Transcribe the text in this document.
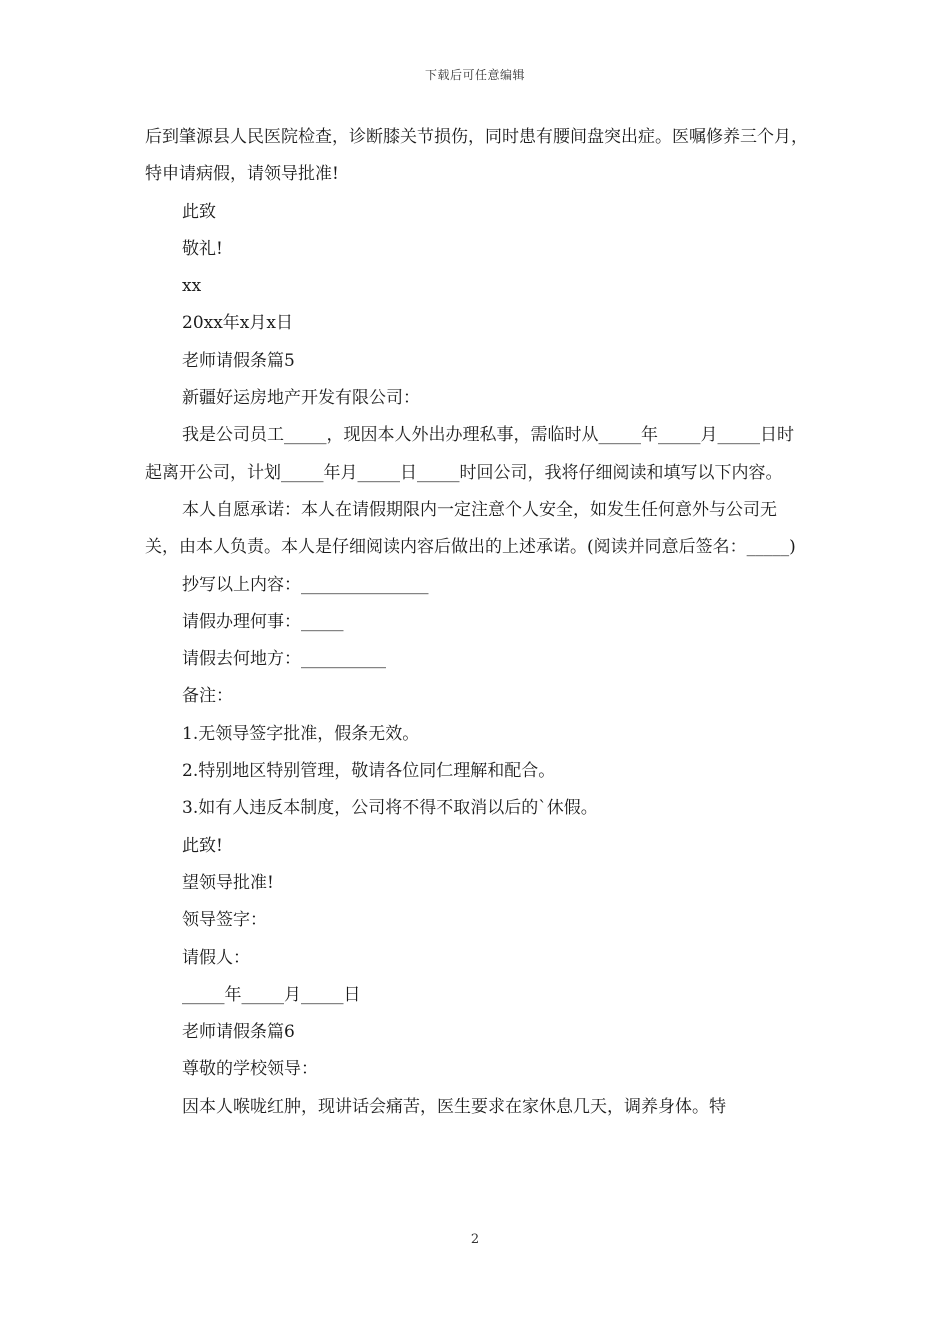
下载后可任意编辑

后到肇源县人民医院检查，诊断膝关节损伤，同时患有腰间盘突出症。医嘱修养三个月，特申请病假，请领导批准!

此致

敬礼!

xx

20xx年x月x日

老师请假条篇5

新疆好运房地产开发有限公司：

我是公司员工_____，现因本人外出办理私事，需临时从_____年_____月_____日时起离开公司，计划_____年月_____日_____时回公司，我将仔细阅读和填写以下内容。

本人自愿承诺：本人在请假期限内一定注意个人安全，如发生任何意外与公司无关，由本人负责。本人是仔细阅读内容后做出的上述承诺。(阅读并同意后签名：_____)

抄写以上内容：_______________

请假办理何事：_____

请假去何地方：__________

备注：

1.无领导签字批准，假条无效。

2.特别地区特别管理，敬请各位同仁理解和配合。

3.如有人违反本制度，公司将不得不取消以后的`休假。

此致!

望领导批准!

领导签字：

请假人：

_____年_____月_____日

老师请假条篇6

尊敬的学校领导：

因本人喉咙红肿，现讲话会痛苦，医生要求在家休息几天，调养身体。特

2
